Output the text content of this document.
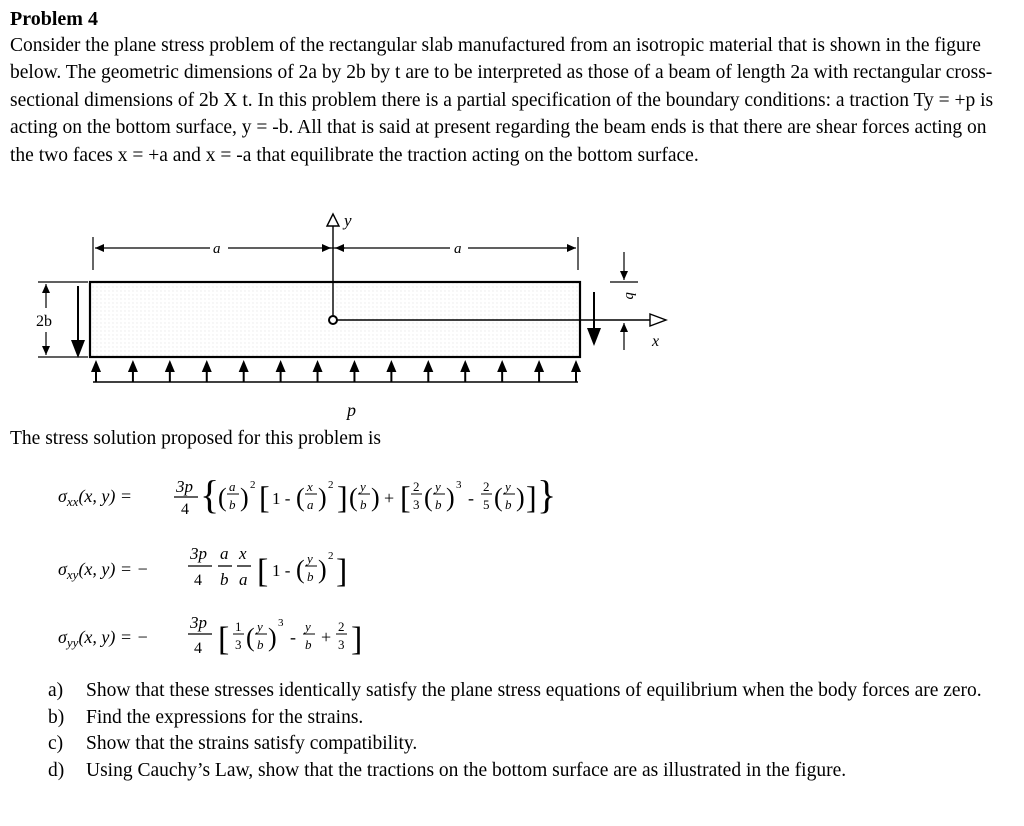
Problem 4

Consider the plane stress problem of the rectangular slab manufactured from an isotropic material that is shown in the figure below. The geometric dimensions of 2a by 2b by t are to be interpreted as those of a beam of length 2a with rectangular cross-sectional dimensions of 2b X t. In this problem there is a partial specification of the boundary conditions: a traction Ty = +p is acting on the bottom surface, y = -b. All that is said at present regarding the beam ends is that there are shear forces acting on the two faces x = +a and x = -a that equilibrate the traction acting on the bottom surface.

y
x
a	a
2b
b
p

The stress solution proposed for this problem is

$\sigma_{xx}(x$, y) =	3p
4 {
( a
b ) 2 [ 1 - ( x
a ) 2 ] ( y
b ) + [ 2
3 ( y
b ) 3
-
2
5 ( y
b ) ] }
$\sigma_{xy}(x$, y) = −
3p
4
a
b
x
a [ 1 - ( y
b ) 2 ]
$\sigma_{yy}(x$, y) = −
3p
4 [ 1
3 ( y
b ) 3
-
y
b +
2
3 ]
a)	Show that these stresses identically satisfy the plane stress equations of equilibrium when the body forces are zero.
b)	Find the expressions for the strains.
c)	Show that the strains satisfy compatibility.
d)	Using Cauchy’s Law, show that the tractions on the bottom surface are as illustrated in the figure.
